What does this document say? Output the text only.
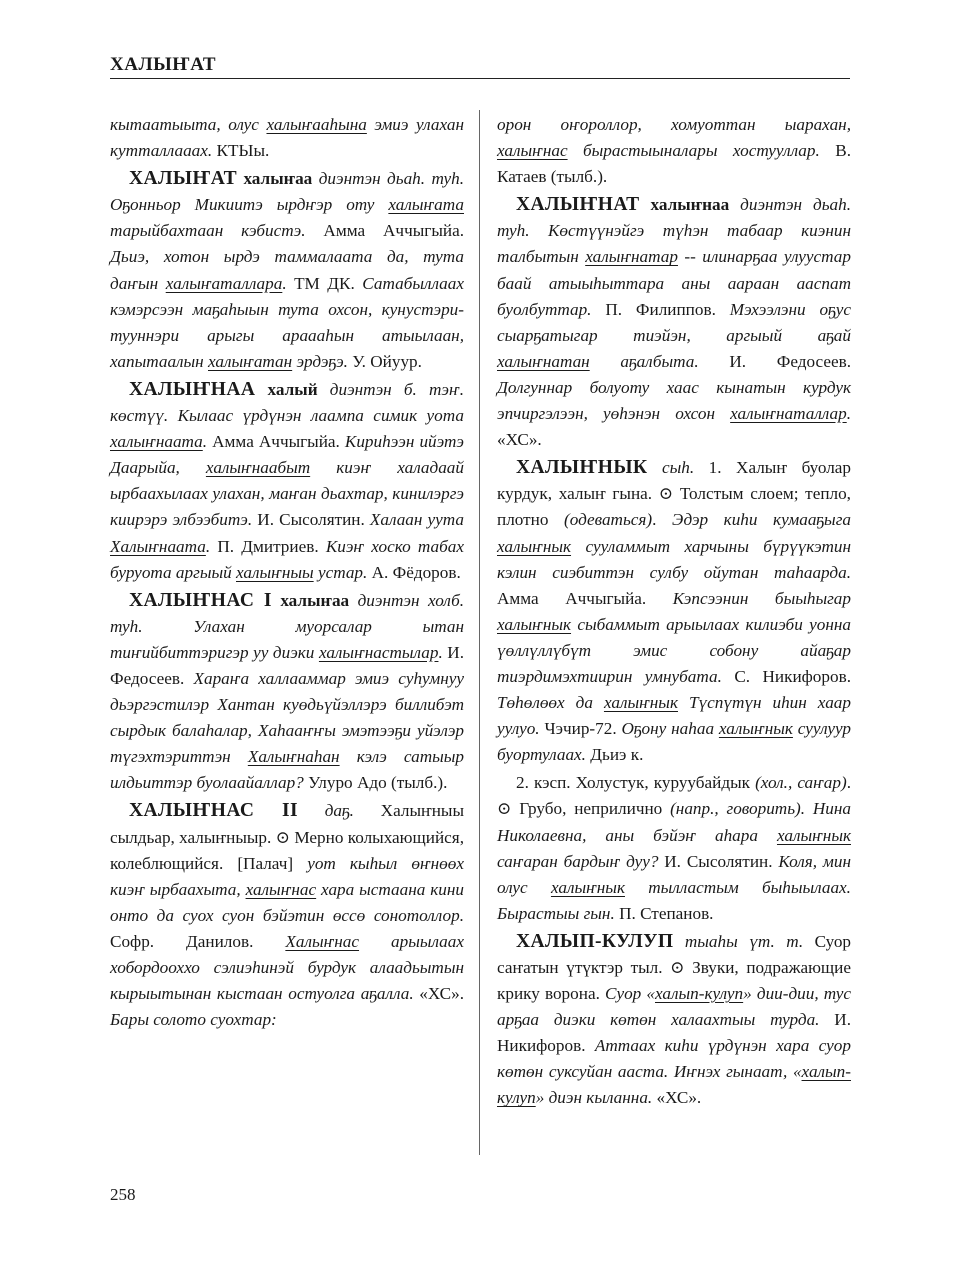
ХАЛЫҤАТ

кытаатыыта, олус халыҥааһына эмиэ улахан кутталлааах. КТЫы.

ХАЛЫҤАТ халыҥаа диэнтэн дьаһ. туһ. Оҕонньор Микиитэ ырдҥэр оту халыҥата тарыйбахтаан кэбистэ. Амма Аччыгыйа. Дьиэ, хотон ырдэ таммалаата да, тута даҥын халыҥаталлара. ТМ ДК. Сатабыллаах кэмэрсээн маҕаһыын тута охсон, кунустэри-тууннэри арыгы араааһын атыылаан, хапытаалын халыҥатан эрдэҕэ. У. Ойуур.

ХАЛЫҤНАА халый диэнтэн б. тэҥ. көстүү. Кылаас үрдүнэн лаампа симик уота халыҥнаата. Амма Аччыгыйа. Кириһээн ийэтэ Даарыйа, халыҥнаабыт киэҥ халадаай ырбаахылаах улахан, маҥан дьахтар, кинилэргэ кииpэрэ элбээбитэ. И. Сысолятин. Халаан уута Халыҥнаата. П. Дмитриев. Киэҥ хоско табах буруота аргыый халыҥныы устар. А. Фёдоров.

ХАЛЫҤНАС I халыҥаа диэнтэн холб. туһ. Улахан муорсалар ытан тиҥийбиттэригэр уу диэки халыҥнастылар. И. Федосеев. Хараҥа халлааммар эмиэ суһумнуу дьэргэстилэр Хантан куөдьүйэллэрэ биллибэт сырдык балаһалар, Хаһааҥҥы эмэтээҕи уйэлэр түгэхтэриттэн Халыҥнаһан кэлэ сатыыр илдьиттэр буолаайаллар? Улуро Адо (тылб.).

ХАЛЫҤНАС II даҕ. Халыҥныы сылдьар, халыҥныыр. ⊙ Мерно колыхающийся, колеблющийся. [Палач] уот кыһыл өҥнөөх киэҥ ырбаахыта, халыҥнас хара ыстаана кини онто да суох суон бэйэтин өссө сонотоллор. Софр. Данилов. Халыҥнас арыылаах хобордооххо сэлиэһинэй бурдук алаадьытын кырыытынан кыстаан остуолга аҕалла. «ХС». Бары солото суохтар:

орон оҥороллор, хомуоттан ыарахан, халыҥнас бырастыыналары хостууллар. В. Катаев (тылб.).

ХАЛЫҤНАТ халыҥнаа диэнтэн дьаһ. туһ. Көстүүнэйгэ түһэн табаар киэнин талбытын халыҥнатар -- илинарҕаа улуустар баай атыыһыттара аны аараан ааспат буолбуттар. П. Филиппов. Мэхээлэни оҕус сыарҕатыгар тиэйэн, аргыый аҕай халыҥнатан аҕалбыта. И. Федосеев. Долгуннар болуоту хаас кынатын курдук эпчиргэлээн, уөһэнэн охсон халыҥнаталлар. «ХС».

ХАЛЫҤНЫК сыһ. 1. Халыҥ буолар курдук, халыҥ гына. ⊙ Толстым слоем; тепло, плотно (одеваться). Эдэр киһи кумааҕыга халыҥнык сууламмыт харчыны бүрүүкэтин кэлин сиэбиттэн сулбу ойутан таһаарда. Амма Аччыгыйа. Кэпсээнин быыһыгар халыҥнык сыбаммыт арыылаах килиэби уонна үөллүллүбүт эмис собону айаҕар тиэрдимэхтиирин умнубата. С. Никифоров. Төһөлөөх да халыҥнык Түспүтүн иһин хаар уулуо. Чэчир-72. Оҕону наһаа халыҥнык суулуур буортулаах. Дьиэ к.

2. кэсп. Холустук, куруубайдык (хол., саҥар). ⊙ Грубо, неприлично (напр., говорить). Нина Николаевна, аны бэйэҥ аһара халыҥнык саҥаран бардыҥ дуу? И. Сысолятин. Коля, мин олус халыҥнык тылластым быһыылаах. Бырастыы гын. П. Степанов.

ХАЛЫП-КУЛУП тыаһы үт. т. Суор саҥатын үтүктэр тыл. ⊙ Звуки, подражающие крику ворона. Суор «халып-кулуп» дии-дии, тус арҕаа диэки көтөн халаахтыы турда. И. Никифоров. Аттаах киһи үрдүнэн хара суор көтөн суксуйан ааста. Иҥнэх гынаат, «халып-кулуп» диэн кыланна. «ХС».

258
